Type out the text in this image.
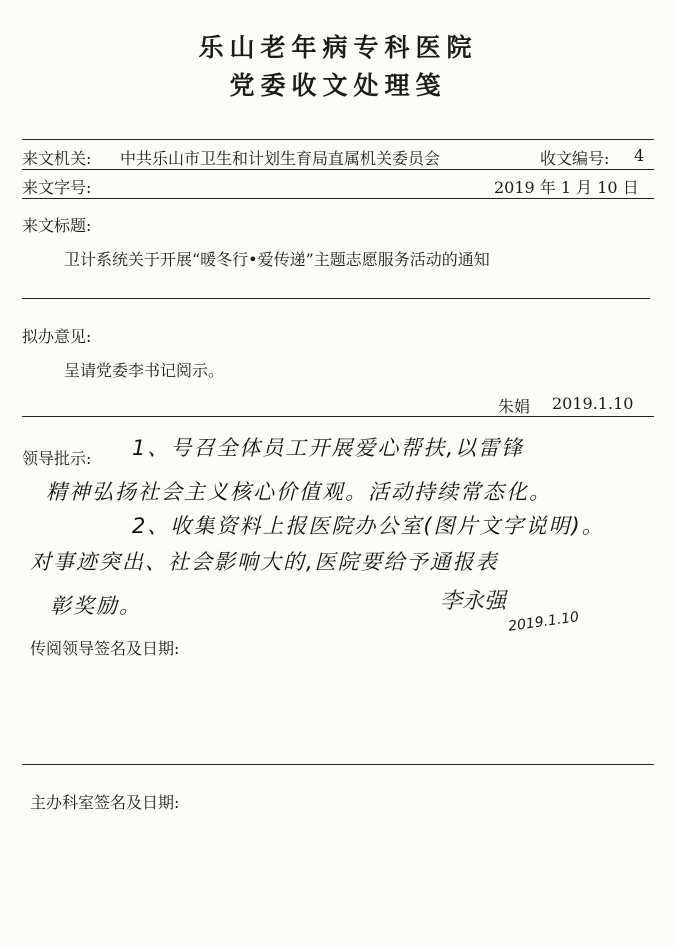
乐山老年病专科医院
党委收文处理笺
来文机关: 中共乐山市卫生和计划生育局直属机关委员会	收文编号: 4
来文字号:	2019 年 1 月 10 日
来文标题:
卫计系统关于开展“暖冬行•爱传递”主题志愿服务活动的通知
拟办意见:
呈请党委李书记阅示。
朱娟 2019.1.10
领导批示: 1、号召全体员工开展爱心帮扶,以雷锋
精神弘扬社会主义核心价值观。活动持续常态化。
2、收集资料上报医院办公室(图片文字说明)。
对事迹突出、社会影响大的,医院要给予通报表
彰奖励。	李永强
2019.1.10
传阅领导签名及日期:
主办科室签名及日期:
